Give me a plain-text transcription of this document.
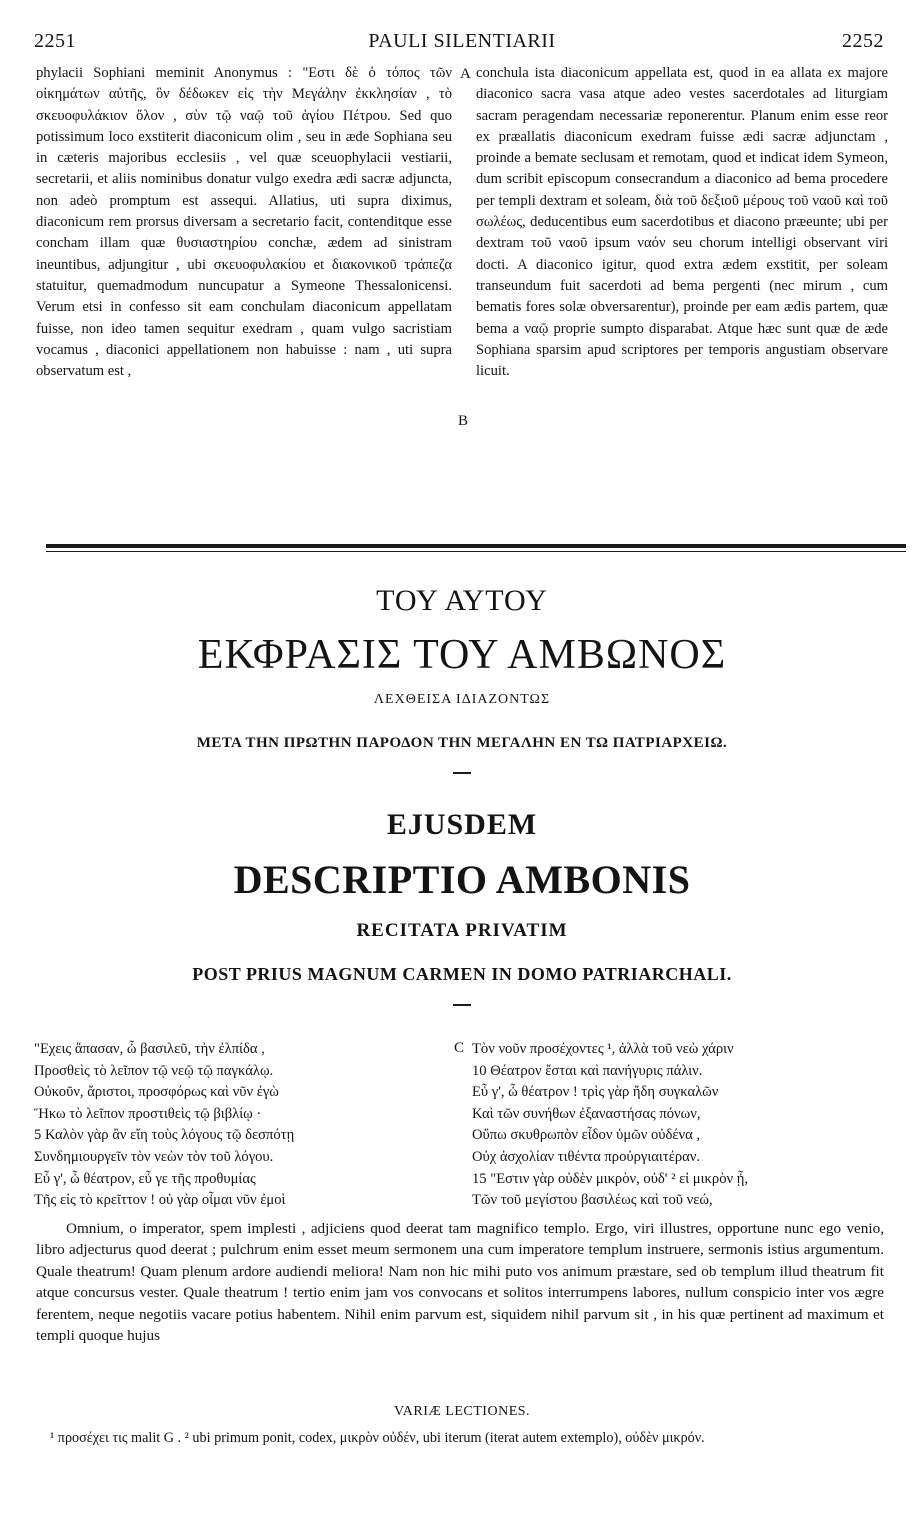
2251	PAULI SILENTIARII	2252

phylacii Sophiani meminit Anonymus : "Εστι δὲ ὁ τόπος τῶν οἰκημάτων αὐτῆς, ὃν δέδωκεν εἰς τὴν Μεγάλην ἐκκλησίαν , τὸ σκευοφυλάκιον ὅλον , σὺν τῷ ναῷ τοῦ ἁγίου Πέτρου. Sed quo potissimum loco exstiterit diaconicum olim , seu in æde Sophiana seu in cæteris majoribus ecclesiis , vel quæ sceuophylacii vestiarii, secretarii, et aliis nominibus donatur vulgo exedra ædi sacræ adjuncta, non adeò promptum est assequi. Allatius, uti supra diximus, diaconicum rem prorsus diversam a secretario facit, contenditque esse concham illam quæ θυσιαστηρίου conchæ, ædem ad sinistram ineuntibus, adjungitur , ubi σκευοφυλακίου et διακονικοῦ τράπεζα statuitur, quemadmodum nuncupatur a Symeone Thessalonicensi. Verum etsi in confesso sit eam conchulam diaconicum appellatam fuisse, non ideo tamen sequitur exedram , quam vulgo sacristiam vocamus , diaconici appellationem non habuisse : nam , uti supra observatum est ,

A
B

conchula ista diaconicum appellata est, quod in ea allata ex majore diaconico sacra vasa atque adeo vestes sacerdotales ad liturgiam sacram peragendam necessariæ reponerentur. Planum enim esse reor ex præallatis diaconicum exedram fuisse ædi sacræ adjunctam , proinde a bemate seclusam et remotam, quod et indicat idem Symeon, dum scribit episcopum consecrandum a diaconico ad bema procedere per templi dextram et soleam, διὰ τοῦ δεξιοῦ μέρους τοῦ ναοῦ καὶ τοῦ σωλέως, deducentibus eum sacerdotibus et diacono præeunte; ubi per dextram τοῦ ναοῦ ipsum ναόν seu chorum intelligi observant viri docti. A diaconico igitur, quod extra ædem exstitit, per soleam transeundum fuit sacerdoti ad bema pergenti (nec mirum , cum bematis fores solæ obversarentur), proinde per eam ædis partem, quæ bema a ναῷ proprie sumpto disparabat. Atque hæc sunt quæ de æde Sophiana sparsim apud scriptores per temporis angustiam observare licuit.

ΤΟΥ ΑΥΤΟΥ
ΕΚΦΡΑΣΙΣ ΤΟΥ ΑΜΒΩΝΟΣ
ΛΕΧΘΕΙΣΑ ΙΔΙΑΖΟΝΤΩΣ
ΜΕΤΑ ΤΗΝ ΠΡΩΤΗΝ ΠΑΡΟΔΟΝ ΤΗΝ ΜΕΓΑΛΗΝ ΕΝ ΤΩ ΠΑΤΡΙΑΡΧΕΙΩ.
EJUSDEM
DESCRIPTIO AMBONIS
RECITATA PRIVATIM
POST PRIUS MAGNUM CARMEN IN DOMO PATRIARCHALI.
"Εχεις ἅπασαν, ὦ βασιλεῦ, τὴν ἐλπίδα ,
Προσθεὶς τὸ λεῖπον τῷ νεῷ τῷ παγκάλῳ.
Οὐκοῦν, ἄριστοι, προσφόρως καὶ νῦν ἐγὼ
Ἥκω τὸ λεῖπον προστιθεὶς τῷ βιβλίῳ ·
5 Καλὸν γὰρ ἂν εἴη τοὺς λόγους τῷ δεσπότῃ
Συνδημιουργεῖν τὸν νεὼν τὸν τοῦ λόγου.
Εὖ γ', ὦ θέατρον, εὖ γε τῆς προθυμίας
Τῆς εἰς τὸ κρεῖττον ! οὐ γὰρ οἶμαι νῦν ἐμοὶ
C Τὸν νοῦν προσέχοντες ¹, ἀλλὰ τοῦ νεὼ χάριν
10 Θέατρον ἔσται καὶ πανήγυρις πάλιν.
Εὖ γ', ὦ θέατρον ! τρὶς γὰρ ἤδη συγκαλῶν
Καὶ τῶν συνήθων ἐξαναστήσας πόνων,
Οὔπω σκυθρωπὸν εἶδον ὑμῶν οὐδένα ,
Οὐχ ἀσχολίαν τιθέντα προὐργιαιτέραν.
15 "Εστιν γὰρ οὐδὲν μικρὸν, οὐδ' ² εἰ μικρὸν ᾖ,
Τῶν τοῦ μεγίστου βασιλέως καὶ τοῦ νεώ,

Omnium, o imperator, spem implesti , adjiciens quod deerat tam magnifico templo. Ergo, viri illustres, opportune nunc ego venio, libro adjecturus quod deerat ; pulchrum enim esset meum sermonem una cum imperatore templum instruere, sermonis istius argumentum. Quale theatrum! Quam plenum ardore audiendi meliora! Nam non hic mihi puto vos animum præstare, sed ob templum illud theatrum fit atque concursus vester. Quale theatrum ! tertio enim jam vos convocans et solitos interrumpens labores, nullum conspicio inter vos ægre ferentem, neque negotiis vacare potius habentem. Nihil enim parvum est, siquidem nihil parvum sit , in his quæ pertinent ad maximum et templi quoque hujus

VARIÆ LECTIONES.

¹ προσέχει τις malit G . ² ubi primum ponit, codex, μικρὸν οὐδέν, ubi iterum (iterat autem extemplo), οὐδὲν μικρόν.
